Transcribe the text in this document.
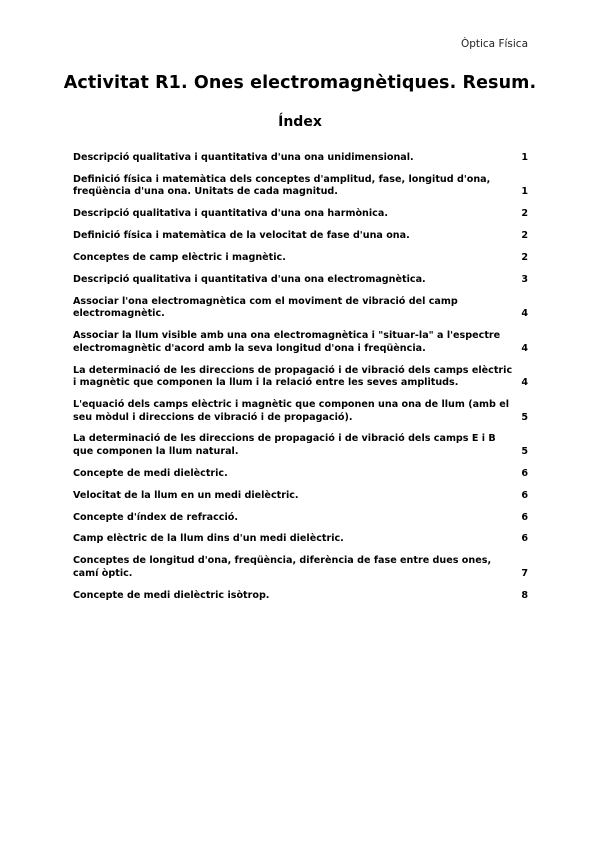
Òptica Física
Activitat R1. Ones electromagnètiques. Resum.
Índex
Descripció qualitativa i quantitativa d'una ona unidimensional.	1
Definició física i matemàtica dels conceptes d'amplitud, fase, longitud d'ona, freqüència d'una ona. Unitats de cada magnitud.	1
Descripció qualitativa i quantitativa d'una ona harmònica.	2
Definició física i matemàtica de la velocitat de fase d'una ona.	2
Conceptes de camp elèctric i magnètic.	2
Descripció qualitativa i quantitativa d'una ona electromagnètica.	3
Associar l'ona electromagnètica com el moviment de vibració del camp electromagnètic.	4
Associar la llum visible amb una ona electromagnètica i "situar-la" a l'espectre electromagnètic d'acord amb la seva longitud d'ona i freqüència.	4
La determinació de les direccions de propagació i de vibració dels camps elèctric i magnètic que componen la llum i la relació entre les seves amplituds.	4
L'equació dels camps elèctric i magnètic que componen una ona de llum (amb el seu mòdul i direccions de vibració i de propagació).	5
La determinació de les direccions de propagació i de vibració dels camps E i B que componen la llum natural.	5
Concepte de medi dielèctric.	6
Velocitat de la llum en un medi dielèctric.	6
Concepte d'índex de refracció.	6
Camp elèctric de la llum dins d'un medi dielèctric.	6
Conceptes de longitud d'ona, freqüència, diferència de fase entre dues ones, camí òptic.	7
Concepte de medi dielèctric isòtrop.	8
